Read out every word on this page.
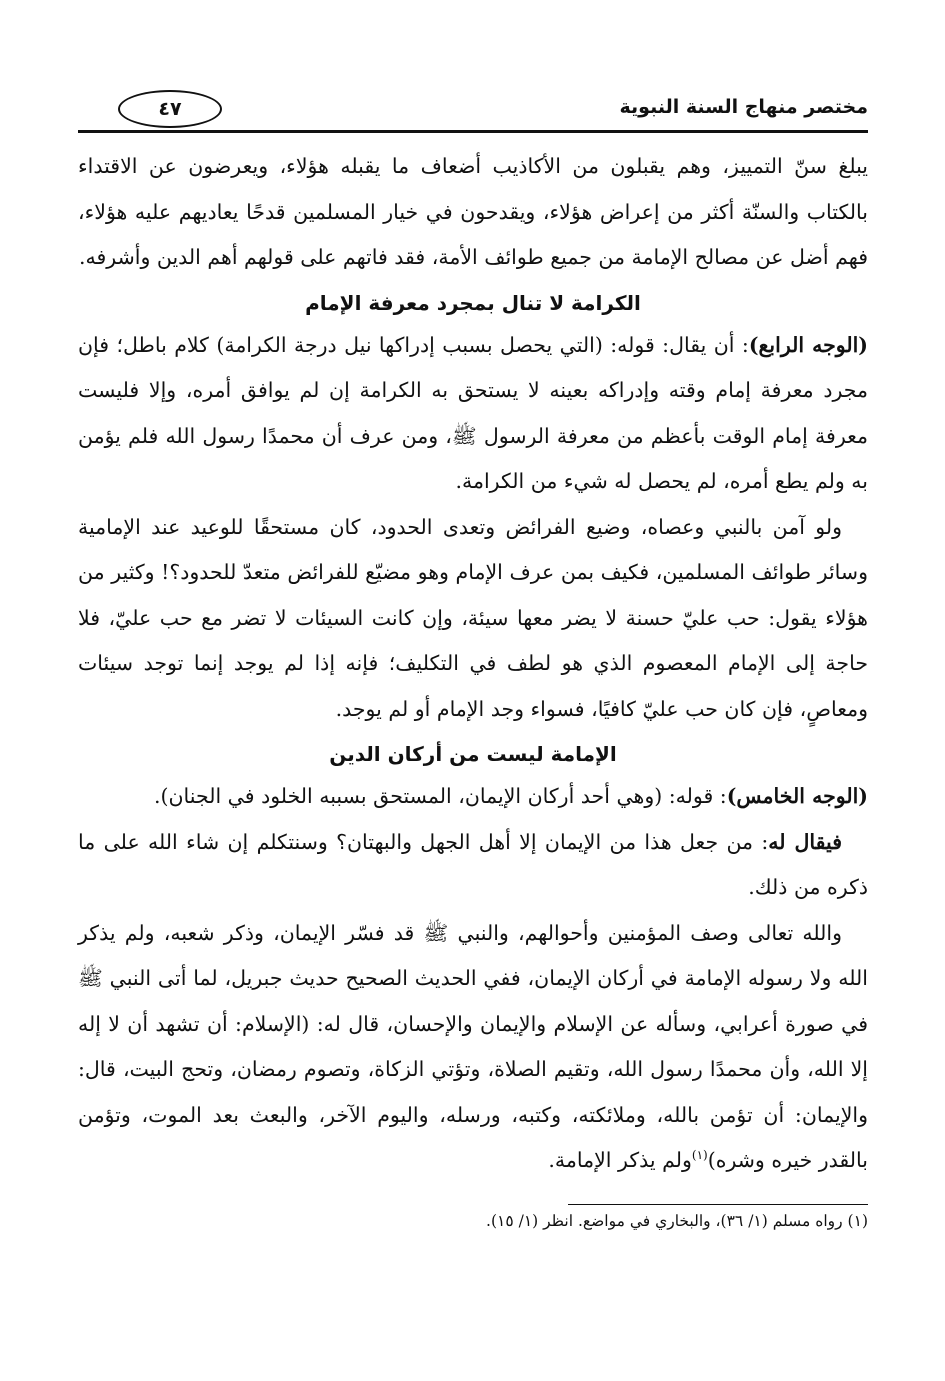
مختصر منهاج السنة النبوية
٤٧

يبلغ سنّ التمييز، وهم يقبلون من الأكاذيب أضعاف ما يقبله هؤلاء، ويعرضون عن الاقتداء بالكتاب والسنّة أكثر من إعراض هؤلاء، ويقدحون في خيار المسلمين قدحًا يعاديهم عليه هؤلاء، فهم أضل عن مصالح الإمامة من جميع طوائف الأمة، فقد فاتهم على قولهم أهم الدين وأشرفه.

الكرامة لا تنال بمجرد معرفة الإمام

(الوجه الرابع): أن يقال: قوله: (التي يحصل بسبب إدراكها نيل درجة الكرامة) كلام باطل؛ فإن مجرد معرفة إمام وقته وإدراكه بعينه لا يستحق به الكرامة إن لم يوافق أمره، وإلا فليست معرفة إمام الوقت بأعظم من معرفة الرسول ﷺ، ومن عرف أن محمدًا رسول الله فلم يؤمن به ولم يطع أمره، لم يحصل له شيء من الكرامة.

ولو آمن بالنبي وعصاه، وضيع الفرائض وتعدى الحدود، كان مستحقًا للوعيد عند الإمامية وسائر طوائف المسلمين، فكيف بمن عرف الإمام وهو مضيّع للفرائض متعدّ للحدود؟! وكثير من هؤلاء يقول: حب عليّ حسنة لا يضر معها سيئة، وإن كانت السيئات لا تضر مع حب عليّ، فلا حاجة إلى الإمام المعصوم الذي هو لطف في التكليف؛ فإنه إذا لم يوجد إنما توجد سيئات ومعاصٍ، فإن كان حب عليّ كافيًا، فسواء وجد الإمام أو لم يوجد.

الإمامة ليست من أركان الدين

(الوجه الخامس): قوله: (وهي أحد أركان الإيمان، المستحق بسببه الخلود في الجنان).

فيقال له: من جعل هذا من الإيمان إلا أهل الجهل والبهتان؟ وسنتكلم إن شاء الله على ما ذكره من ذلك.

والله تعالى وصف المؤمنين وأحوالهم، والنبي ﷺ قد فسّر الإيمان، وذكر شعبه، ولم يذكر الله ولا رسوله الإمامة في أركان الإيمان، ففي الحديث الصحيح حديث جبريل، لما أتى النبي ﷺ في صورة أعرابي، وسأله عن الإسلام والإيمان والإحسان، قال له: (الإسلام: أن تشهد أن لا إله إلا الله، وأن محمدًا رسول الله، وتقيم الصلاة، وتؤتي الزكاة، وتصوم رمضان، وتحج البيت، قال: والإيمان: أن تؤمن بالله، وملائكته، وكتبه، ورسله، واليوم الآخر، والبعث بعد الموت، وتؤمن بالقدر خيره وشره)$^{(١)}$ولم يذكر الإمامة.

(١) رواه مسلم (١/ ٣٦)، والبخاري في مواضع. انظر (١/ ١٥).
